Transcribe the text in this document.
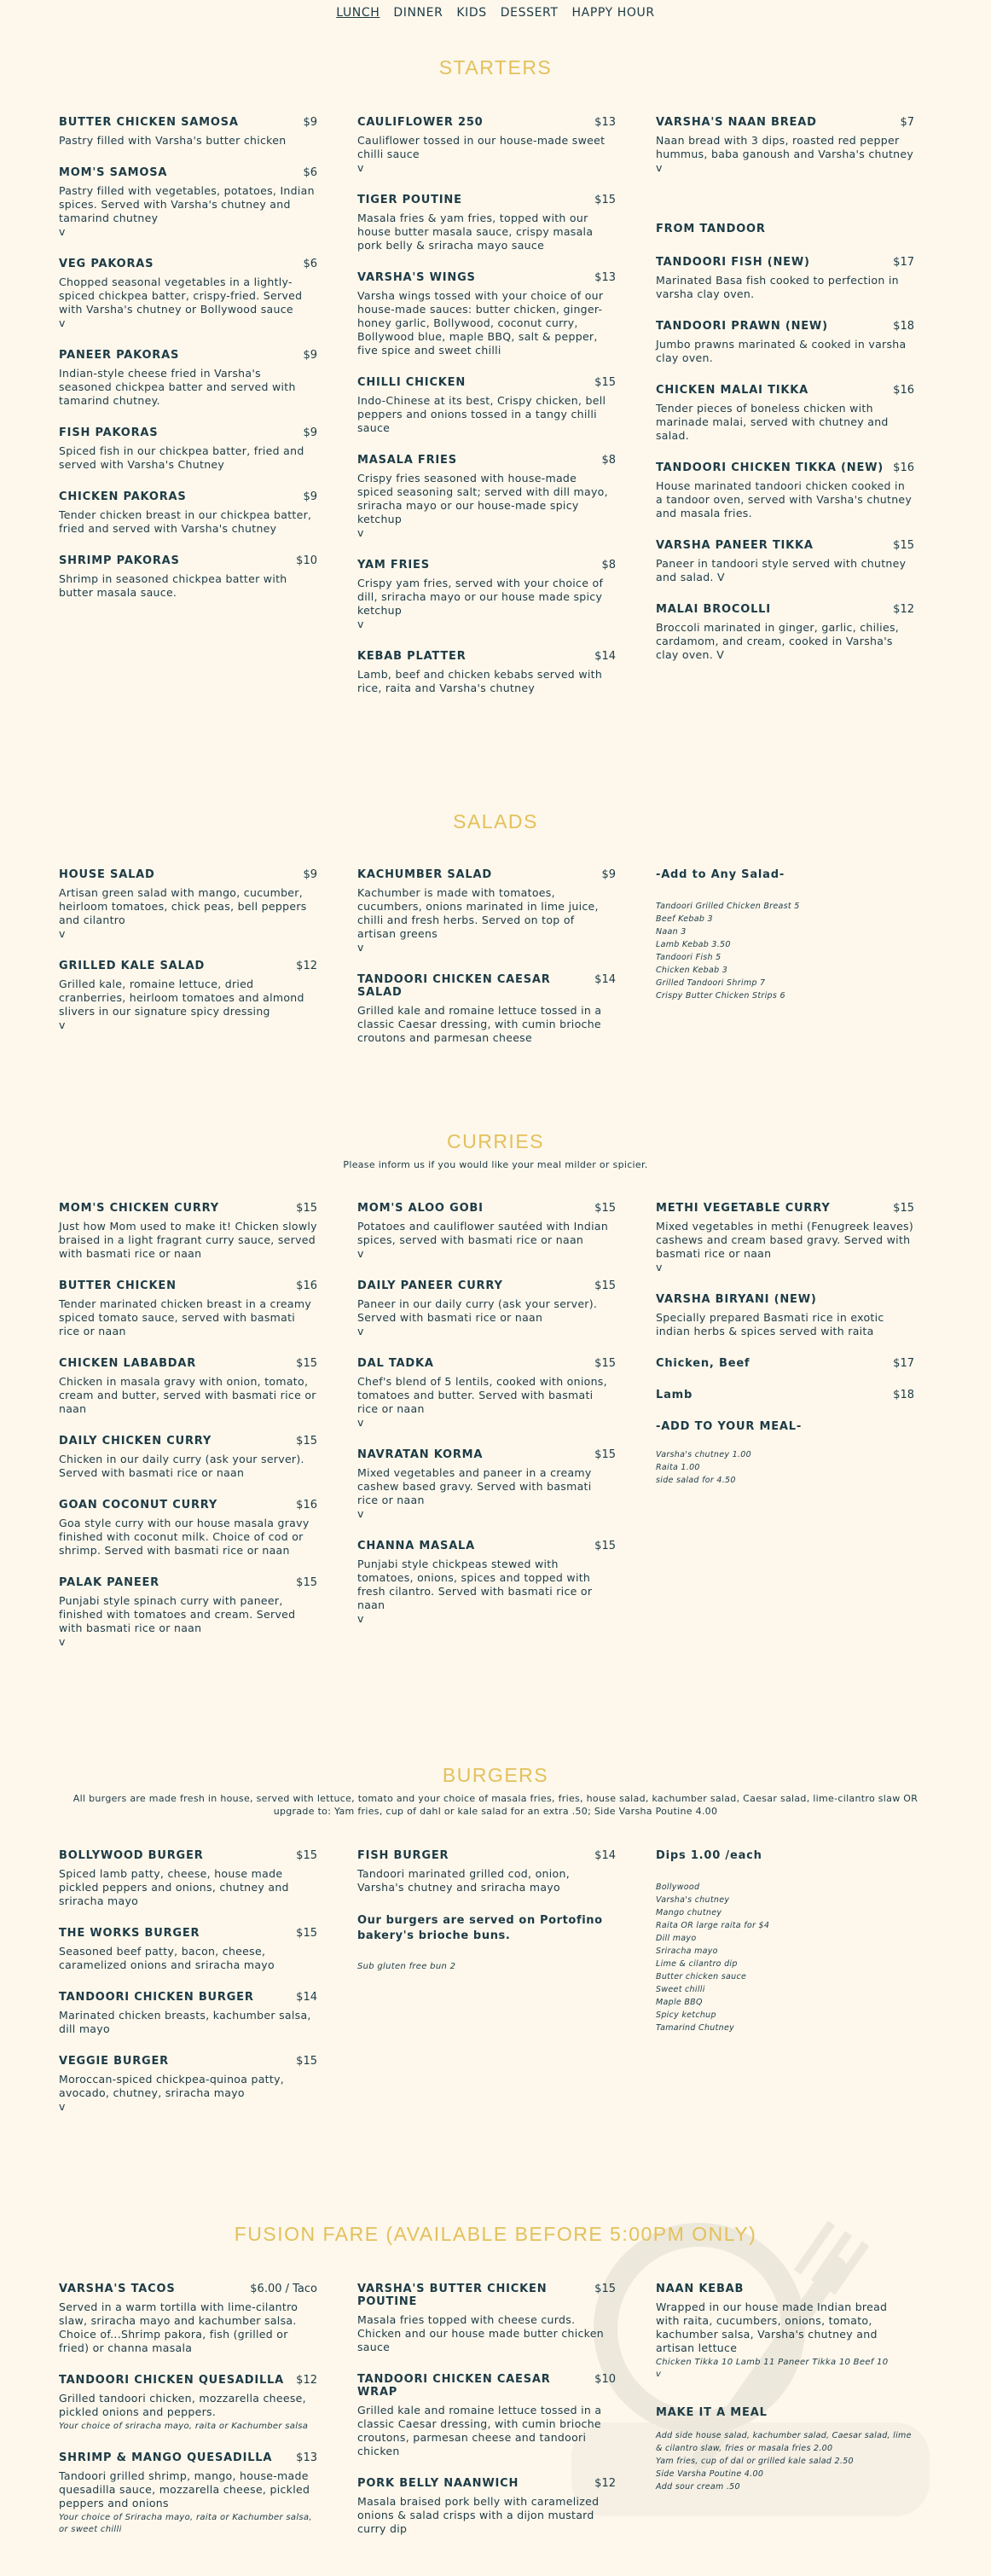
LUNCH DINNER KIDS DESSERT HAPPY HOUR
STARTERS
BUTTER CHICKEN SAMOSA	$9
Pastry filled with Varsha's butter chicken
MOM'S SAMOSA	$6
Pastry filled with vegetables, potatoes, Indian spices. Served with Varsha's chutney and tamarind chutney
v
VEG PAKORAS	$6
Chopped seasonal vegetables in a lightly-spiced chickpea batter, crispy-fried. Served with Varsha's chutney or Bollywood sauce
v
PANEER PAKORAS	$9
Indian-style cheese fried in Varsha's seasoned chickpea batter and served with tamarind chutney.
FISH PAKORAS	$9
Spiced fish in our chickpea batter, fried and served with Varsha's Chutney
CHICKEN PAKORAS	$9
Tender chicken breast in our chickpea batter, fried and served with Varsha's chutney
SHRIMP PAKORAS	$10
Shrimp in seasoned chickpea batter with butter masala sauce.
CAULIFLOWER 250	$13
Cauliflower tossed in our house-made sweet chilli sauce
v
TIGER POUTINE	$15
Masala fries & yam fries, topped with our house butter masala sauce, crispy masala pork belly & sriracha mayo sauce
VARSHA'S WINGS	$13
Varsha wings tossed with your choice of our house-made sauces: butter chicken, ginger-honey garlic, Bollywood, coconut curry, Bollywood blue, maple BBQ, salt & pepper, five spice and sweet chilli
CHILLI CHICKEN	$15
Indo-Chinese at its best, Crispy chicken, bell peppers and onions tossed in a tangy chilli sauce
MASALA FRIES	$8
Crispy fries seasoned with house-made spiced seasoning salt; served with dill mayo, sriracha mayo or our house-made spicy ketchup
v
YAM FRIES	$8
Crispy yam fries, served with your choice of dill, sriracha mayo or our house made spicy ketchup
v
KEBAB PLATTER	$14
Lamb, beef and chicken kebabs served with rice, raita and Varsha's chutney
VARSHA'S NAAN BREAD	$7
Naan bread with 3 dips, roasted red pepper hummus, baba ganoush and Varsha's chutney
v
FROM TANDOOR
TANDOORI FISH (NEW)	$17
Marinated Basa fish cooked to perfection in varsha clay oven.
TANDOORI PRAWN (NEW)	$18
Jumbo prawns marinated & cooked in varsha clay oven.
CHICKEN MALAI TIKKA	$16
Tender pieces of boneless chicken with marinade malai, served with chutney and salad.
TANDOORI CHICKEN TIKKA (NEW) $16
House marinated tandoori chicken cooked in a tandoor oven, served with Varsha's chutney and masala fries.
VARSHA PANEER TIKKA	$15
Paneer in tandoori style served with chutney and salad. V
MALAI BROCOLLI	$12
Broccoli marinated in ginger, garlic, chilies, cardamom, and cream, cooked in Varsha's clay oven. V
SALADS
HOUSE SALAD	$9
Artisan green salad with mango, cucumber, heirloom tomatoes, chick peas, bell peppers and cilantro
v
GRILLED KALE SALAD	$12
Grilled kale, romaine lettuce, dried cranberries, heirloom tomatoes and almond slivers in our signature spicy dressing
v
KACHUMBER SALAD	$9
Kachumber is made with tomatoes, cucumbers, onions marinated in lime juice, chilli and fresh herbs. Served on top of artisan greens
v
TANDOORI CHICKEN CAESAR SALAD
$14
Grilled kale and romaine lettuce tossed in a classic Caesar dressing, with cumin brioche croutons and parmesan cheese
-Add to Any Salad-
Tandoori Grilled Chicken Breast 5
Beef Kebab 3
Naan 3
Lamb Kebab 3.50
Tandoori Fish 5
Chicken Kebab 3
Grilled Tandoori Shrimp 7
Crispy Butter Chicken Strips 6
CURRIES
Please inform us if you would like your meal milder or spicier.
MOM'S CHICKEN CURRY	$15
Just how Mom used to make it! Chicken slowly braised in a light fragrant curry sauce, served with basmati rice or naan
BUTTER CHICKEN	$16
Tender marinated chicken breast in a creamy spiced tomato sauce, served with basmati rice or naan
CHICKEN LABABDAR	$15
Chicken in masala gravy with onion, tomato, cream and butter, served with basmati rice or naan
DAILY CHICKEN CURRY	$15
Chicken in our daily curry (ask your server). Served with basmati rice or naan
GOAN COCONUT CURRY	$16
Goa style curry with our house masala gravy finished with coconut milk. Choice of cod or shrimp. Served with basmati rice or naan
PALAK PANEER	$15
Punjabi style spinach curry with paneer, finished with tomatoes and cream. Served with basmati rice or naan
v
MOM'S ALOO GOBI	$15
Potatoes and cauliflower sautéed with Indian spices, served with basmati rice or naan
v
DAILY PANEER CURRY	$15
Paneer in our daily curry (ask your server). Served with basmati rice or naan
v
DAL TADKA	$15
Chef's blend of 5 lentils, cooked with onions, tomatoes and butter. Served with basmati rice or naan
v
NAVRATAN KORMA	$15
Mixed vegetables and paneer in a creamy cashew based gravy. Served with basmati rice or naan
v
CHANNA MASALA	$15
Punjabi style chickpeas stewed with tomatoes, onions, spices and topped with fresh cilantro. Served with basmati rice or naan
v
METHI VEGETABLE CURRY	$15
Mixed vegetables in methi (Fenugreek leaves) cashews and cream based gravy. Served with basmati rice or naan
v
VARSHA BIRYANI (NEW)
Specially prepared Basmati rice in exotic indian herbs & spices served with raita
Chicken, Beef	$17
Lamb	$18
-ADD TO YOUR MEAL-
Varsha's chutney 1.00
Raita 1.00
side salad for 4.50
BURGERS
All burgers are made fresh in house, served with lettuce, tomato and your choice of masala fries, fries, house salad, kachumber salad, Caesar salad, lime-cilantro slaw OR upgrade to: Yam fries, cup of dahl or kale salad for an extra .50; Side Varsha Poutine 4.00
BOLLYWOOD BURGER	$15
Spiced lamb patty, cheese, house made pickled peppers and onions, chutney and sriracha mayo
THE WORKS BURGER	$15
Seasoned beef patty, bacon, cheese, caramelized onions and sriracha mayo
TANDOORI CHICKEN BURGER	$14
Marinated chicken breasts, kachumber salsa, dill mayo
VEGGIE BURGER	$15
Moroccan-spiced chickpea-quinoa patty, avocado, chutney, sriracha mayo
v
FISH BURGER	$14
Tandoori marinated grilled cod, onion, Varsha's chutney and sriracha mayo
Our burgers are served on Portofino bakery's brioche buns.
Sub gluten free bun 2
Dips 1.00 /each
Bollywood
Varsha's chutney
Mango chutney
Raita OR large raita for $4
Dill mayo
Sriracha mayo
Lime & cilantro dip
Butter chicken sauce
Sweet chilli
Maple BBQ
Spicy ketchup
Tamarind Chutney
FUSION FARE (AVAILABLE BEFORE 5:00PM ONLY)
VARSHA'S TACOS	$6.00 / Taco
Served in a warm tortilla with lime-cilantro slaw, sriracha mayo and kachumber salsa. Choice of...Shrimp pakora, fish (grilled or fried) or channa masala
TANDOORI CHICKEN QUESADILLA $12
Grilled tandoori chicken, mozzarella cheese, pickled onions and peppers.
Your choice of sriracha mayo, raita or Kachumber salsa
SHRIMP & MANGO QUESADILLA $13
Tandoori grilled shrimp, mango, house-made quesadilla sauce, mozzarella cheese, pickled peppers and onions
Your choice of Sriracha mayo, raita or Kachumber salsa, or sweet chilli
VARSHA'S BUTTER CHICKEN POUTINE
$15
Masala fries topped with cheese curds. Chicken and our house made butter chicken sauce
TANDOORI CHICKEN CAESAR WRAP
$10
Grilled kale and romaine lettuce tossed in a classic Caesar dressing, with cumin brioche croutons, parmesan cheese and tandoori chicken
PORK BELLY NAANWICH	$12
Masala braised pork belly with caramelized onions & salad crisps with a dijon mustard curry dip
NAAN KEBAB
Wrapped in our house made Indian bread with raita, cucumbers, onions, tomato, kachumber salsa, Varsha's chutney and artisan lettuce
Chicken Tikka 10 Lamb 11 Paneer Tikka 10 Beef 10
v
MAKE IT A MEAL
Add side house salad, kachumber salad, Caesar salad, lime & cilantro slaw, fries or masala fries 2.00
Yam fries, cup of dal or grilled kale salad 2.50
Side Varsha Poutine 4.00
Add sour cream .50
